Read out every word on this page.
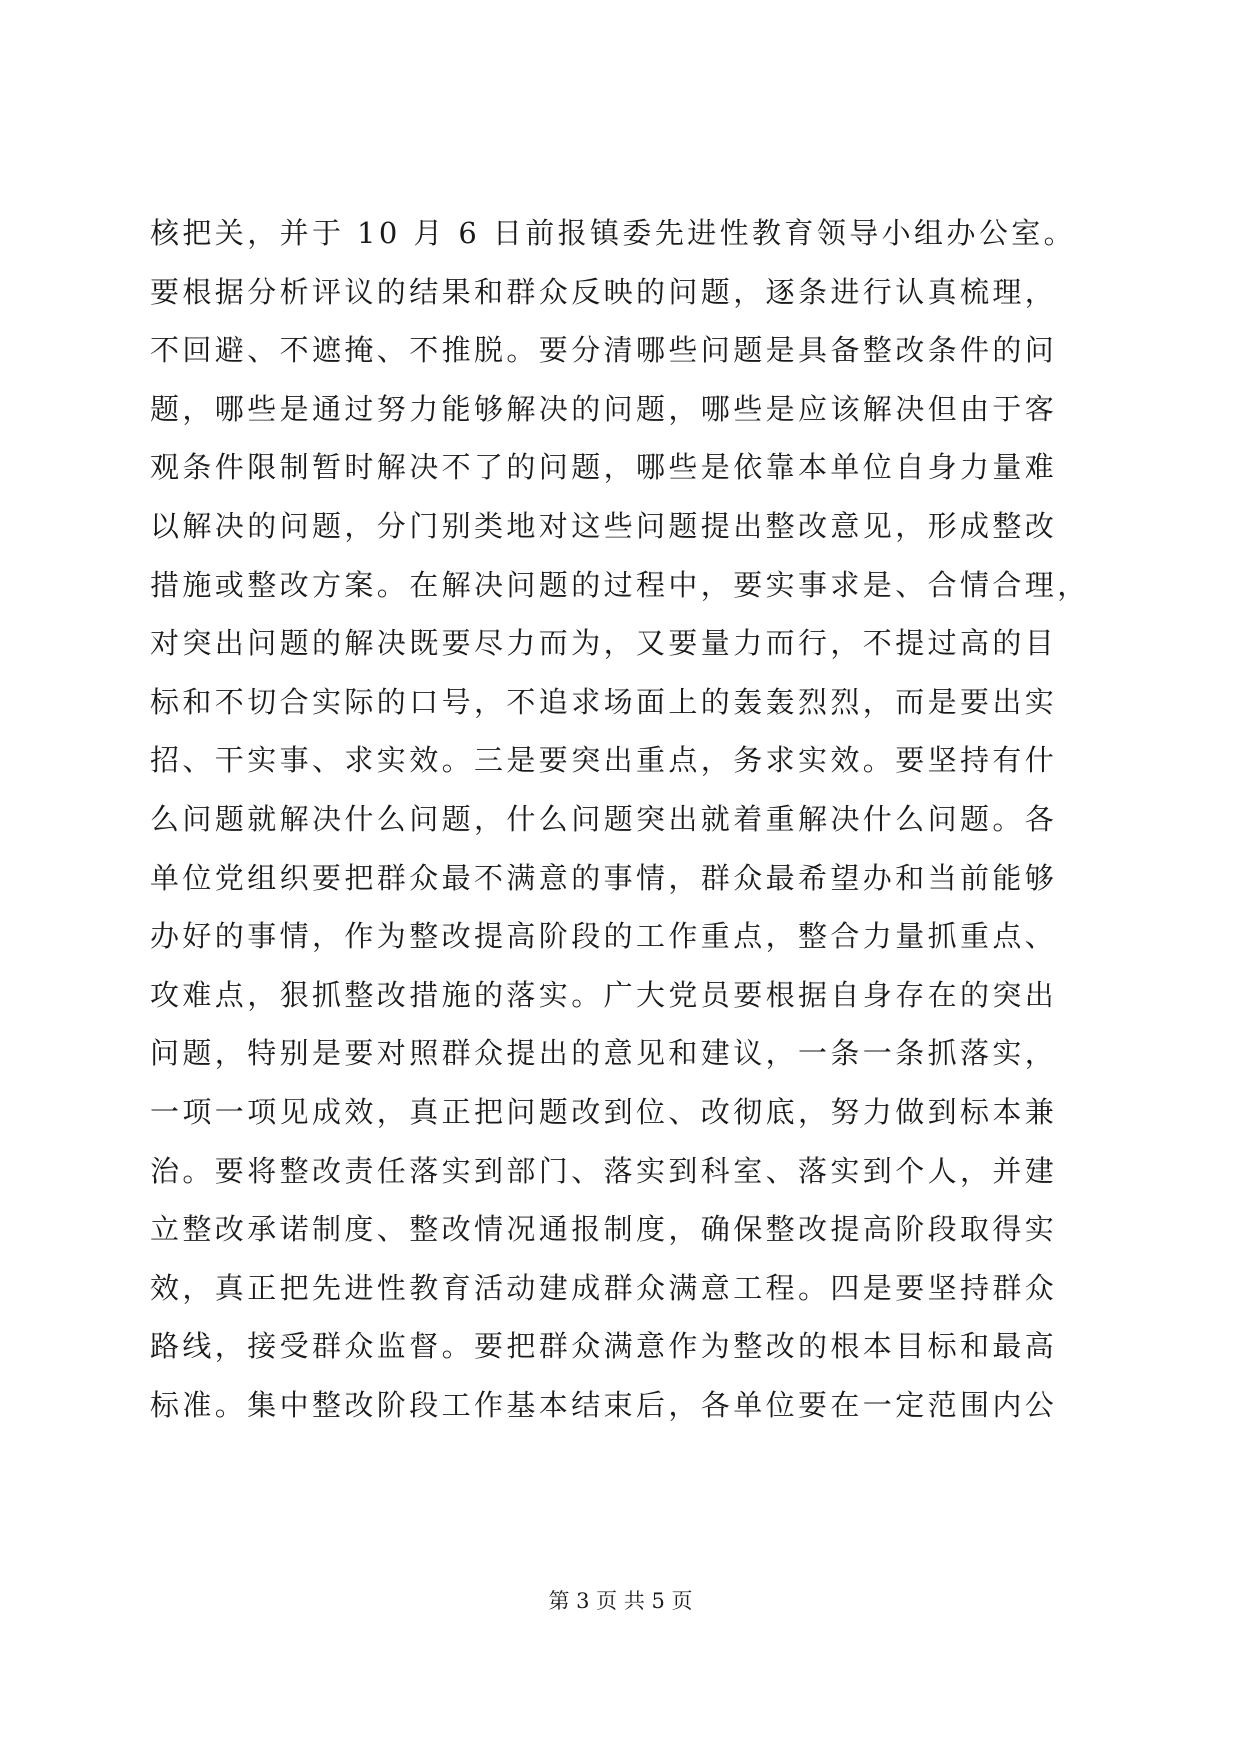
核把关，并于 10 月 6 日前报镇委先进性教育领导小组办公室。
要根据分析评议的结果和群众反映的问题，逐条进行认真梳理，
不回避、不遮掩、不推脱。要分清哪些问题是具备整改条件的问
题，哪些是通过努力能够解决的问题，哪些是应该解决但由于客
观条件限制暂时解决不了的问题，哪些是依靠本单位自身力量难
以解决的问题，分门别类地对这些问题提出整改意见，形成整改
措施或整改方案。在解决问题的过程中，要实事求是、合情合理，
对突出问题的解决既要尽力而为，又要量力而行，不提过高的目
标和不切合实际的口号，不追求场面上的轰轰烈烈，而是要出实
招、干实事、求实效。三是要突出重点，务求实效。要坚持有什
么问题就解决什么问题，什么问题突出就着重解决什么问题。各
单位党组织要把群众最不满意的事情，群众最希望办和当前能够
办好的事情，作为整改提高阶段的工作重点，整合力量抓重点、
攻难点，狠抓整改措施的落实。广大党员要根据自身存在的突出
问题，特别是要对照群众提出的意见和建议，一条一条抓落实，
一项一项见成效，真正把问题改到位、改彻底，努力做到标本兼
治。要将整改责任落实到部门、落实到科室、落实到个人，并建
立整改承诺制度、整改情况通报制度，确保整改提高阶段取得实
效，真正把先进性教育活动建成群众满意工程。四是要坚持群众
路线，接受群众监督。要把群众满意作为整改的根本目标和最高
标准。集中整改阶段工作基本结束后，各单位要在一定范围内公
第 3 页 共 5 页
